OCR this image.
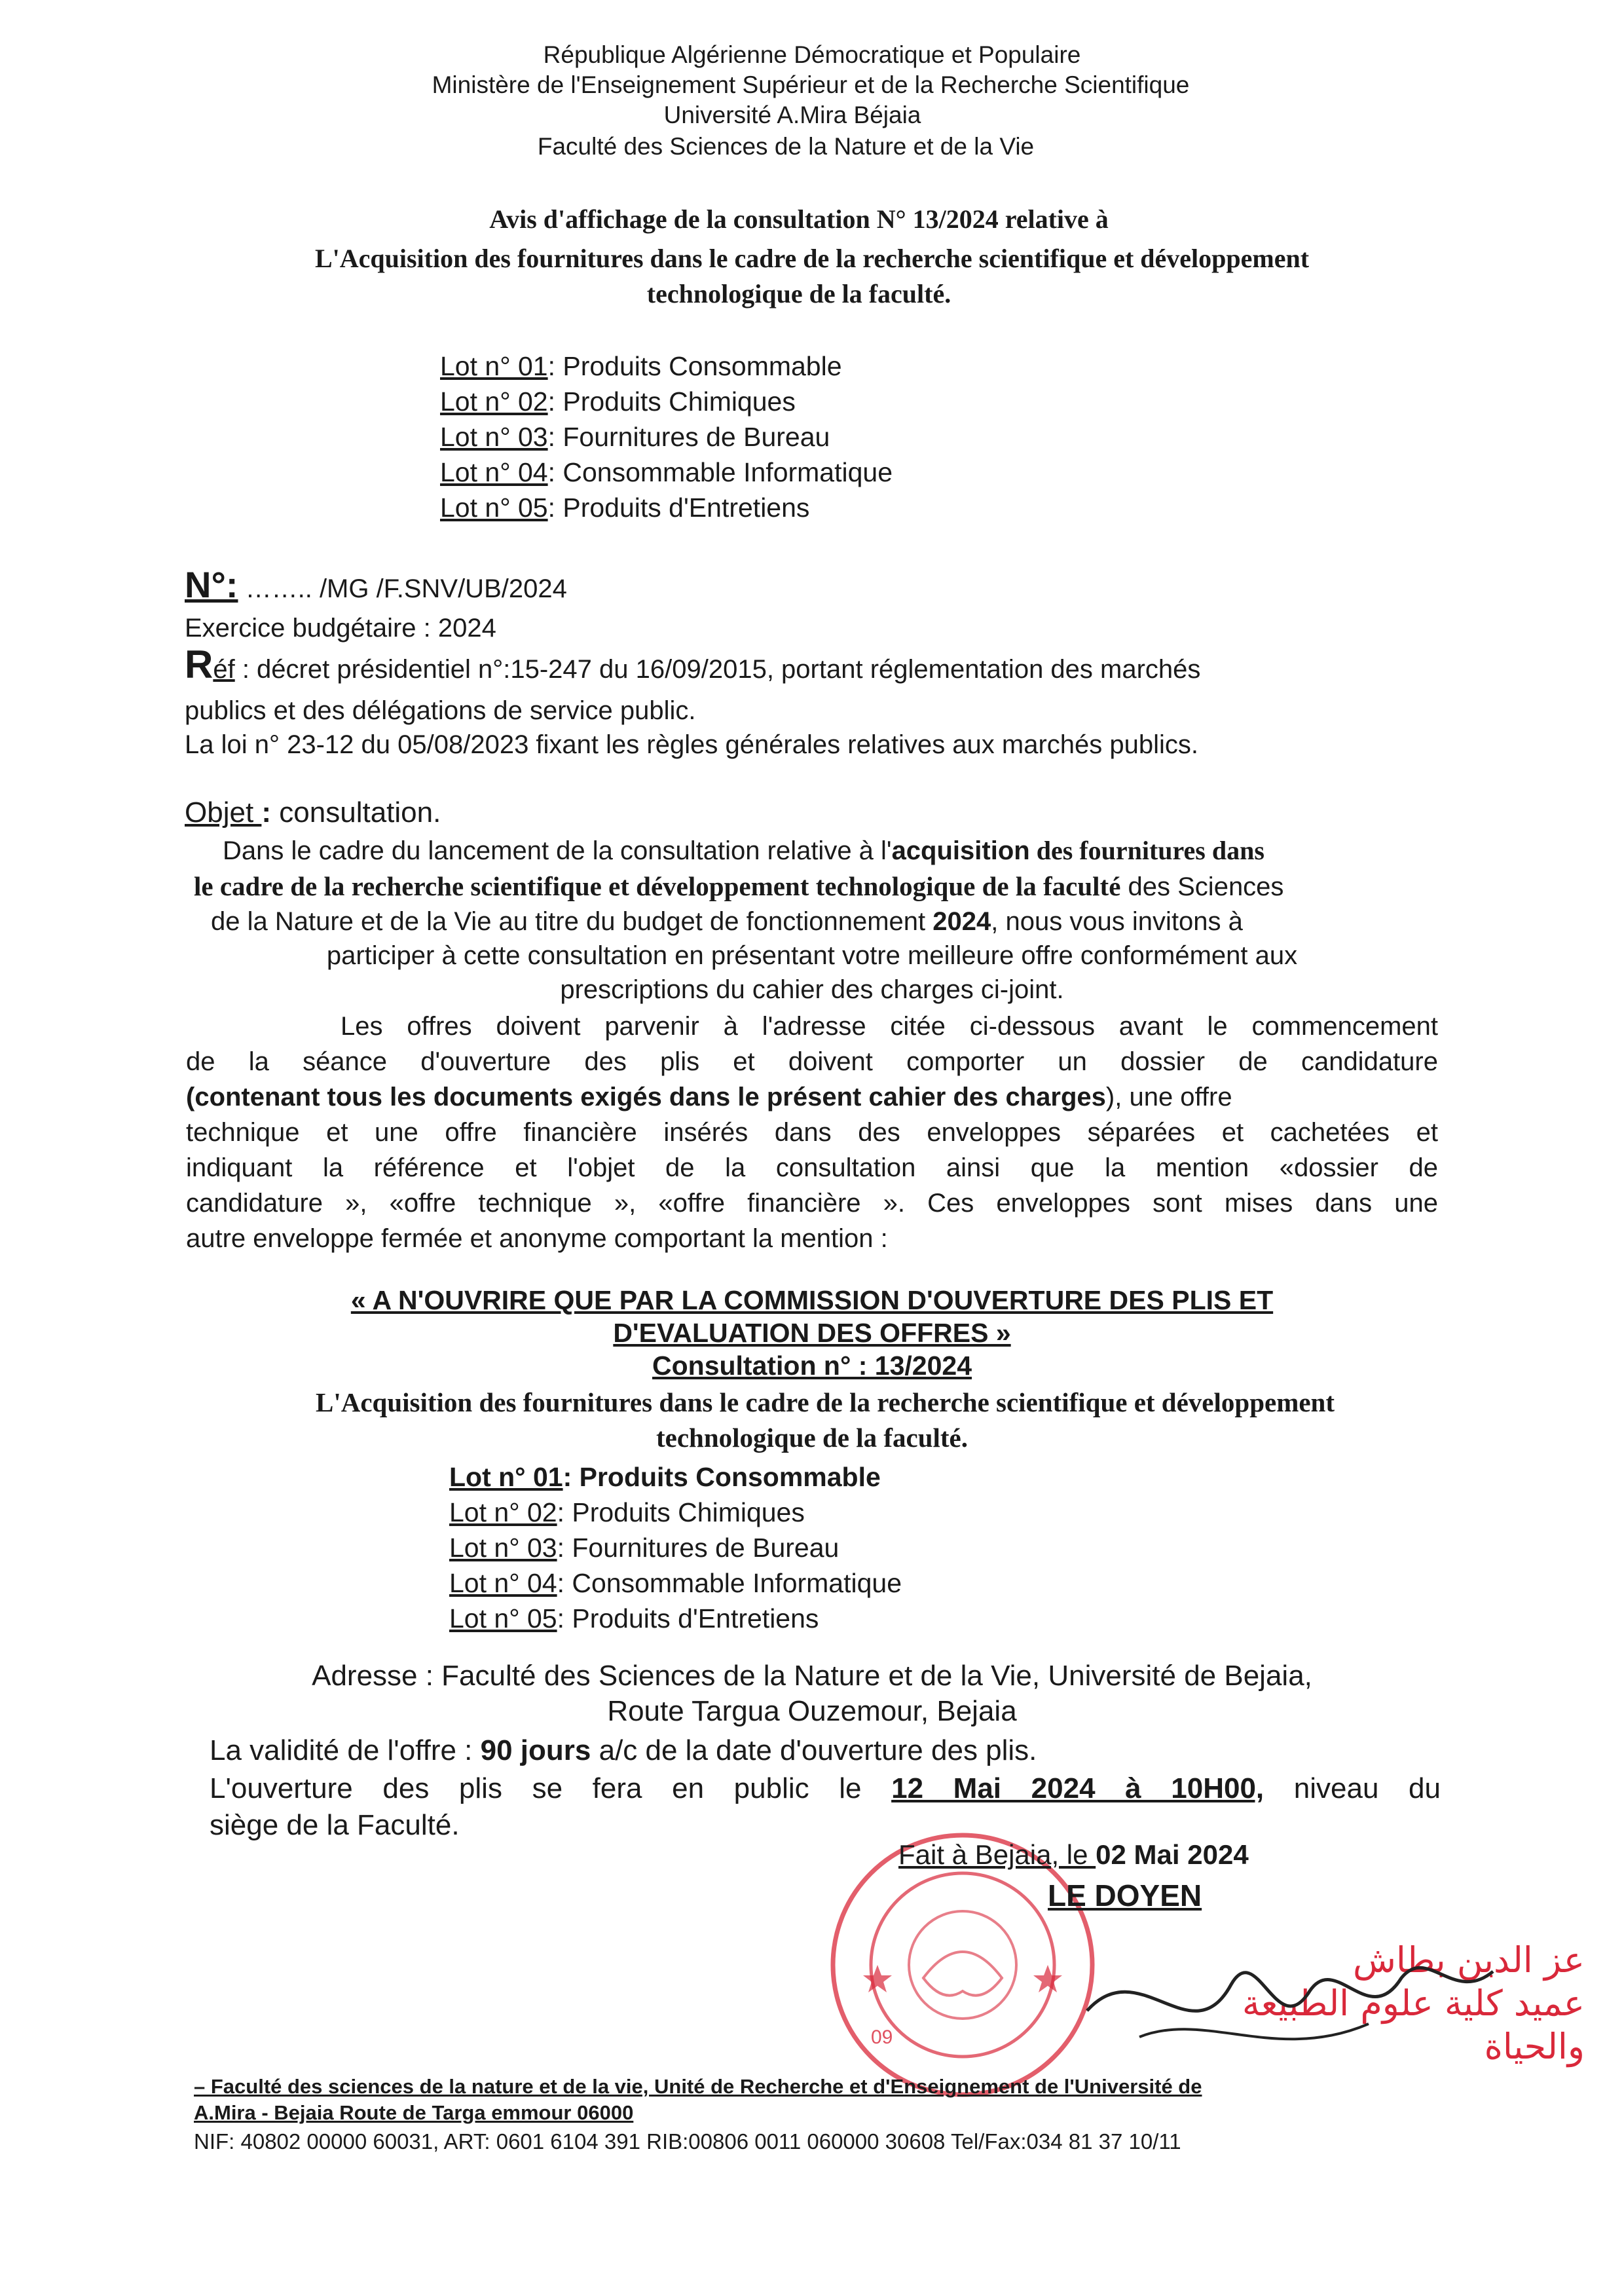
République Algérienne Démocratique et Populaire
Ministère de l'Enseignement Supérieur et de la Recherche Scientifique
Université A.Mira Béjaia
Faculté des Sciences de la Nature et de la Vie
Avis d'affichage de la consultation N° 13/2024 relative à
L'Acquisition des fournitures dans le cadre de la recherche scientifique et développement
technologique de la faculté.
Lot n° 01: Produits Consommable
Lot n° 02: Produits Chimiques
Lot n° 03: Fournitures de Bureau
Lot n° 04: Consommable Informatique
Lot n° 05: Produits d'Entretiens
N°: …….. /MG /F.SNV/UB/2024
Exercice budgétaire : 2024
Réf : décret présidentiel n°:15-247 du 16/09/2015, portant réglementation des marchés
publics et des délégations de service public.
La loi n° 23-12 du 05/08/2023 fixant les règles générales relatives aux marchés publics.
Objet : consultation.
Dans le cadre du lancement de la consultation relative à l'acquisition des fournitures dans
le cadre de la recherche scientifique et développement technologique de la faculté des Sciences
de la Nature et de la Vie au titre du budget de fonctionnement 2024, nous vous invitons à
participer à cette consultation en présentant votre meilleure offre conformément aux
prescriptions du cahier des charges ci-joint.
Les offres doivent parvenir à l'adresse citée ci-dessous avant le commencement
de la séance d'ouverture des plis et doivent comporter un dossier de candidature
(contenant tous les documents exigés dans le présent cahier des charges), une offre
technique et une offre financière insérés dans des enveloppes séparées et cachetées et
indiquant la référence et l'objet de la consultation ainsi que la mention «dossier de
candidature », «offre technique », «offre financière ». Ces enveloppes sont mises dans une
autre enveloppe fermée et anonyme comportant la mention :
« A N'OUVRIRE QUE PAR LA COMMISSION D'OUVERTURE DES PLIS ET
D'EVALUATION DES OFFRES »
Consultation n° : 13/2024
L'Acquisition des fournitures dans le cadre de la recherche scientifique et développement
technologique de la faculté.
Lot n° 01: Produits Consommable
Lot n° 02: Produits Chimiques
Lot n° 03: Fournitures de Bureau
Lot n° 04: Consommable Informatique
Lot n° 05: Produits d'Entretiens
Adresse : Faculté des Sciences de la Nature et de la Vie, Université de Bejaia,
Route Targua Ouzemour, Bejaia
La validité de l'offre : 90 jours a/c de la date d'ouverture des plis.
L'ouverture des plis se fera en public le 12 Mai 2024 à 10H00, niveau du
siège de la Faculté.
09
Fait à Bejaia, le 02 Mai 2024
LE DOYEN
عز الدين بطاش
عميد كلية علوم الطبيعة
والحياة
– Faculté des sciences de la nature et de la vie, Unité de Recherche et d'Enseignement de l'Université de
A.Mira - Bejaia Route de Targa emmour 06000
NIF: 40802 00000 60031, ART: 0601 6104 391 RIB:00806 0011 060000 30608 Tel/Fax:034 81 37 10/11
